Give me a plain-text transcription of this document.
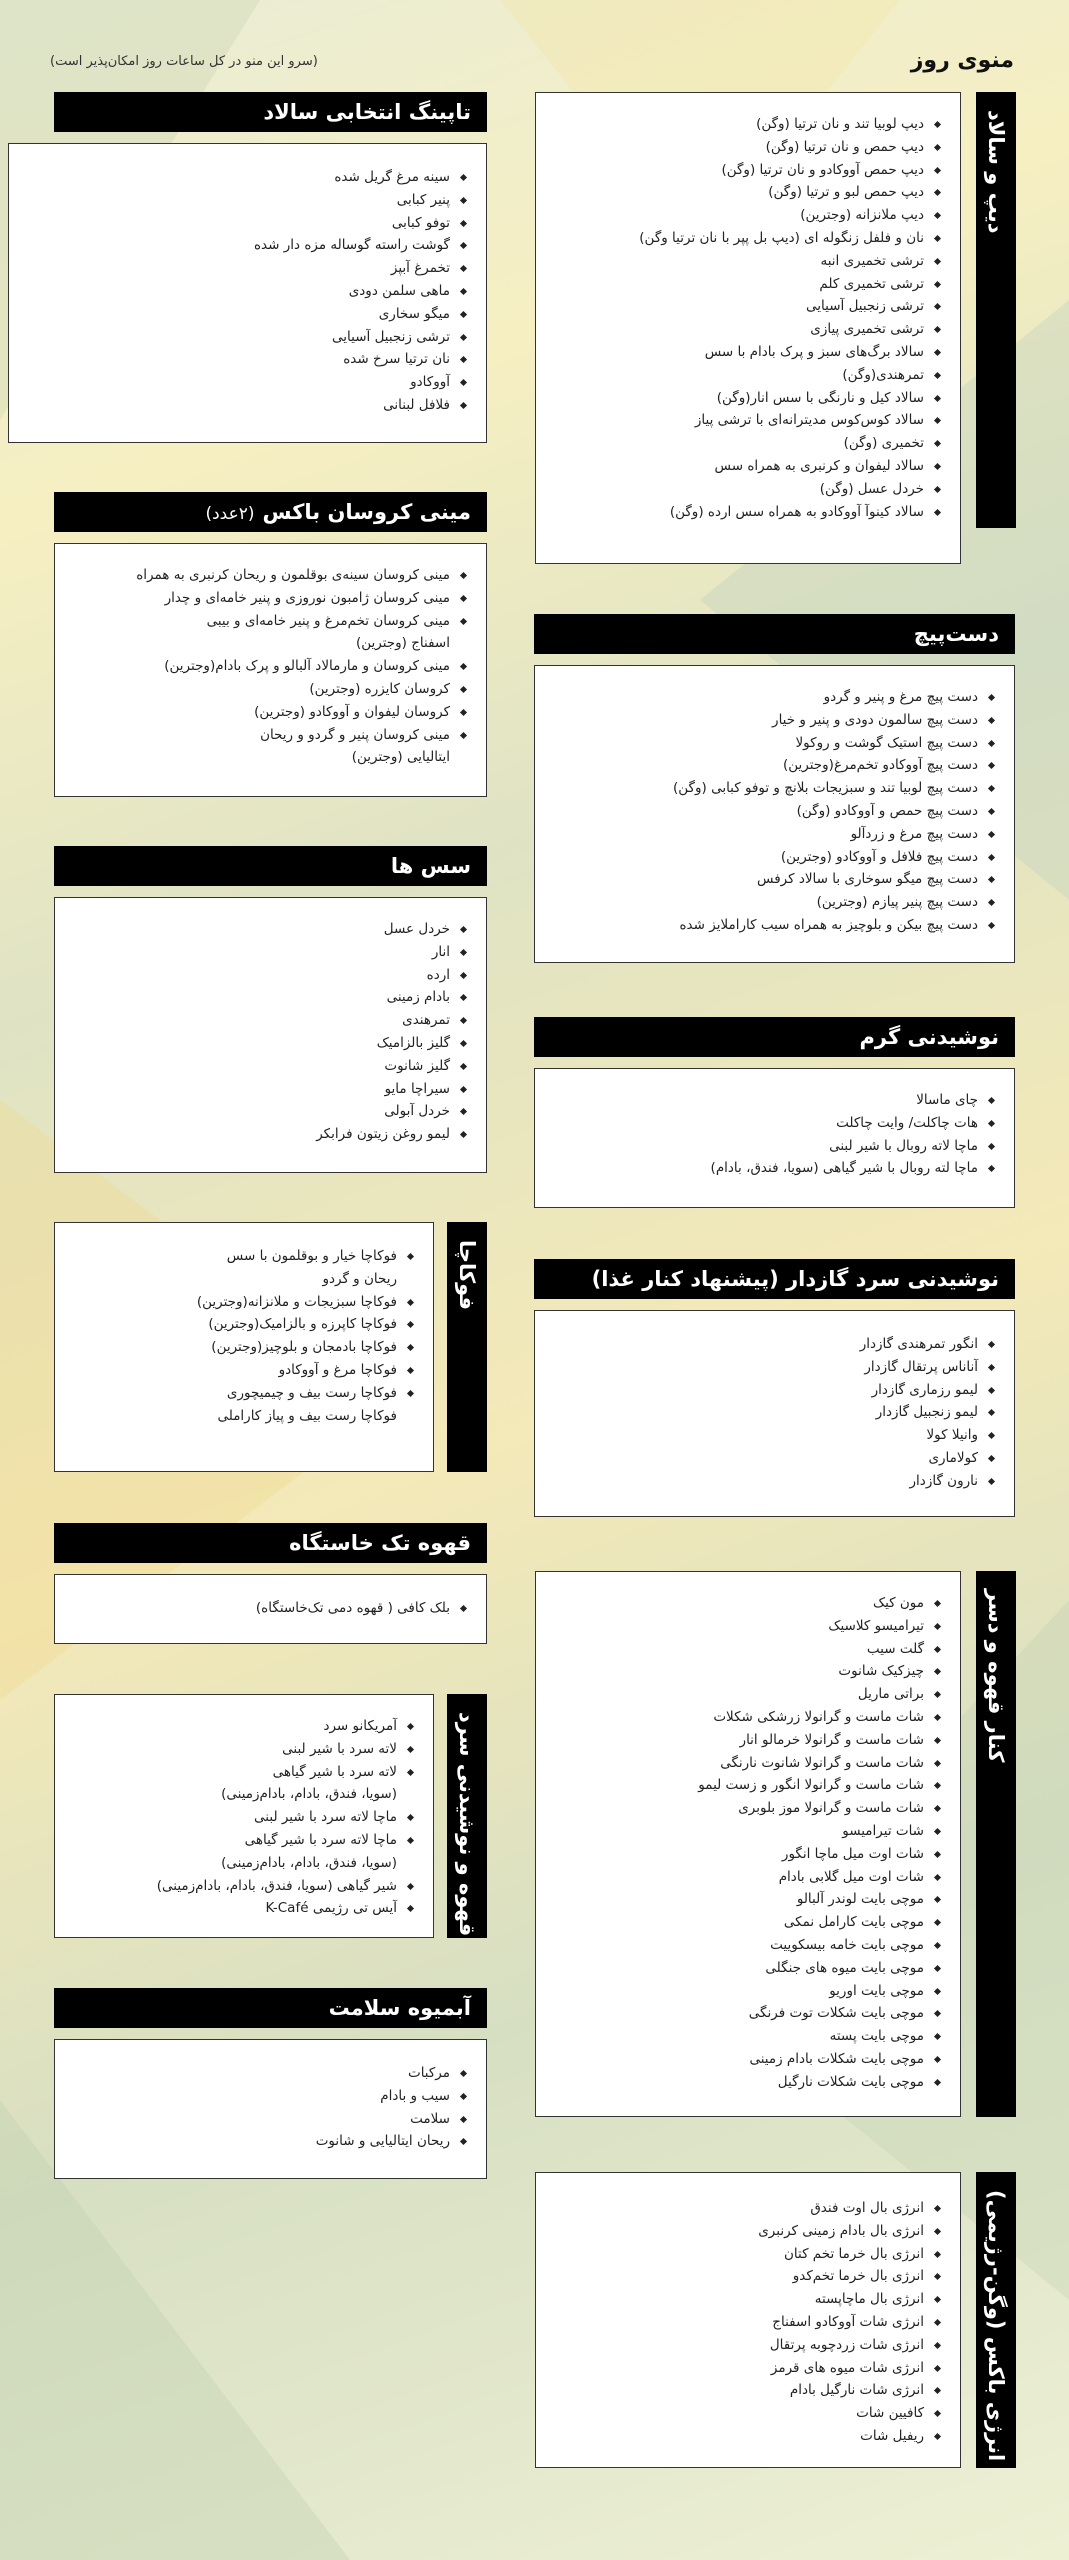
منوی روز
(سرو این منو در کل ساعات روز امکان‌پذیر است)
دیپ و سالاد
دیپ لوبیا تند و نان ترتیا (وگن)
دیپ حمص و نان ترتیا (وگن)
دیپ حمص آووکادو و نان ترتیا (وگن)
دیپ حمص لبو و ترتیا (وگن)
دیپ ملانزانه (وجترین)
نان و فلفل زنگوله ای (دیپ بل پپر با نان ترتیا وگن)
ترشی تخمیری انبه
ترشی تخمیری کلم
ترشی زنجبیل آسیایی
ترشی تخمیری پیازی
سالاد برگ‌های سبز و پرک بادام با سس
تمرهندی(وگن)
سالاد کیل و نارنگی با سس انار(وگن)
سالاد کوس‌کوس مدیترانه‌ای با ترشی پیاز
تخمیری (وگن)
سالاد لیفوان و کرنبری به همراه سس
خردل عسل (وگن)
سالاد کینوآ آووکادو به همراه سس ارده (وگن)
دست‌پیچ
دست پیچ مرغ و پنیر و گردو
دست پیچ سالمون دودی و پنیر و خیار
دست پیچ استیک گوشت و روکولا
دست پیچ آووکادو تخم‌مرغ(وجترین)
دست پیچ لوبیا تند و سبزیجات بلانچ و توفو کبابی (وگن)
دست پیچ حمص و آووکادو (وگن)
دست پیچ مرغ و زردآلو
دست پیچ فلافل و آووکادو (وجترین)
دست پیچ میگو سوخاری با سالاد کرفس
دست پیچ پنیر پیازم (وجترین)
دست پیچ بیکن و بلوچیز به همراه سیب کاراملایز شده
نوشیدنی گرم
چای ماسالا
هات چاکلت/ وایت چاکلت
ماچا لاته روبال با شیر لبنی
ماچا لته روبال با شیر گیاهی (سویا، فندق، بادام)
نوشیدنی سرد گازدار (پیشنهاد کنار غذا)
انگور تمرهندی گازدار
آناناس پرتقال گازدار
لیمو رزماری گازدار
لیمو زنجبیل گازدار
وانیلا کولا
کولاماری
نارون گازدار
کنار قهوه و دسر
مون کیک
تیرامیسو کلاسیک
گلت سیب
چیزکیک شانوت
براتی ماریل
شات ماست و گرانولا زرشکی شکلات
شات ماست و گرانولا خرمالو انار
شات ماست و گرانولا شانوت نارنگی
شات ماست و گرانولا انگور و زست لیمو
شات ماست و گرانولا موز بلوبری
شات تیرامیسو
شات اوت میل ماچا انگور
شات اوت میل گلابی بادام
موچی بایت لوندر آلبالو
موچی بایت کارامل نمکی
موچی بایت خامه بیسکوییت
موچی بایت میوه های جنگلی
موچی بایت اوریو
موچی بایت شکلات توت فرنگی
موچی بایت پسته
موچی بایت شکلات بادام زمینی
موچی بایت شکلات نارگیل
انرژی باکس (وگن-رژیمی)
انرژی بال اوت فندق
انرژی بال بادام زمینی کرنبری
انرژی بال خرما تخم کتان
انرژی بال خرما تخم‌کدو
انرژی بال ماچا‌پسته
انرژی شات آووکادو اسفناج
انرژی شات زردچوبه پرتقال
انرژی شات میوه های قرمز
انرژی شات نارگیل بادام
کافیین شات
ریفیل شات
تاپینگ انتخابی سالاد
سینه مرغ گریل شده
پنیر کبابی
توفو کبابی
گوشت راسته گوساله مزه دار شده
تخمرغ آبپز
ماهی سلمن دودی
میگو سخاری
ترشی زنجبیل آسیایی
نان ترتیا سرخ شده
آووکادو
فلافل لبنانی
مینی کروسان باکس(۲عدد)
مینی کروسان سینه‌ی بوقلمون و ریحان کرنبری به همراه
مینی کروسان ژامبون نوروزی و پنیر خامه‌ای و چدار
مینی کروسان تخم‌مرغ و پنیر خامه‌ای و بیبی
اسفناج (وجترین)
مینی کروسان و مارمالاد آلبالو و پرک بادام(وجترین)
کروسان کایزره (وجترین)
کروسان لیفوان و آووکادو (وجترین)
مینی کروسان پنیر و گردو و ریحان
ایتالیایی (وجترین)
سس ها
خردل عسل
انار
ارده
بادام زمینی
تمرهندی
گلیز بالزامیک
گلیز شانوت
سیراچا مایو
خردل آبولی
لیمو روغن زیتون فرابکر
فوکاچا
فوکاچا خیار و بوقلمون با سس
ریحان و گردو
فوکاچا سبزیجات و ملانزانه(وجترین)
فوکاچا کاپرزه و بالزامیک(وجترین)
فوکاچا بادمجان و بلوچیز(وجترین)
فوکاچا مرغ و آووکادو
فوکاچا رست بیف و چیمیچوری
فوکاچا رست بیف و پیاز کاراملی
قهوه تک خاستگاه
بلک کافی ( قهوه دمی تک‌خاستگاه)
قهوه و نوشیدنی سرد
آمریکانو سرد
لاته سرد با شیر لبنی
لاته سرد با شیر گیاهی
(سویا، فندق، بادام، بادام‌زمینی)
ماچا لاته سرد با شیر لبنی
ماچا لاته سرد با شیر گیاهی
(سویا، فندق، بادام، بادام‌زمینی)
شیر گیاهی (سویا، فندق، بادام، بادام‌زمینی)
آیس تی رژیمی K-Café
آبمیوه سلامت
مرکبات
سیب و بادام
سلامت
ریحان ایتالیایی و شانوت
